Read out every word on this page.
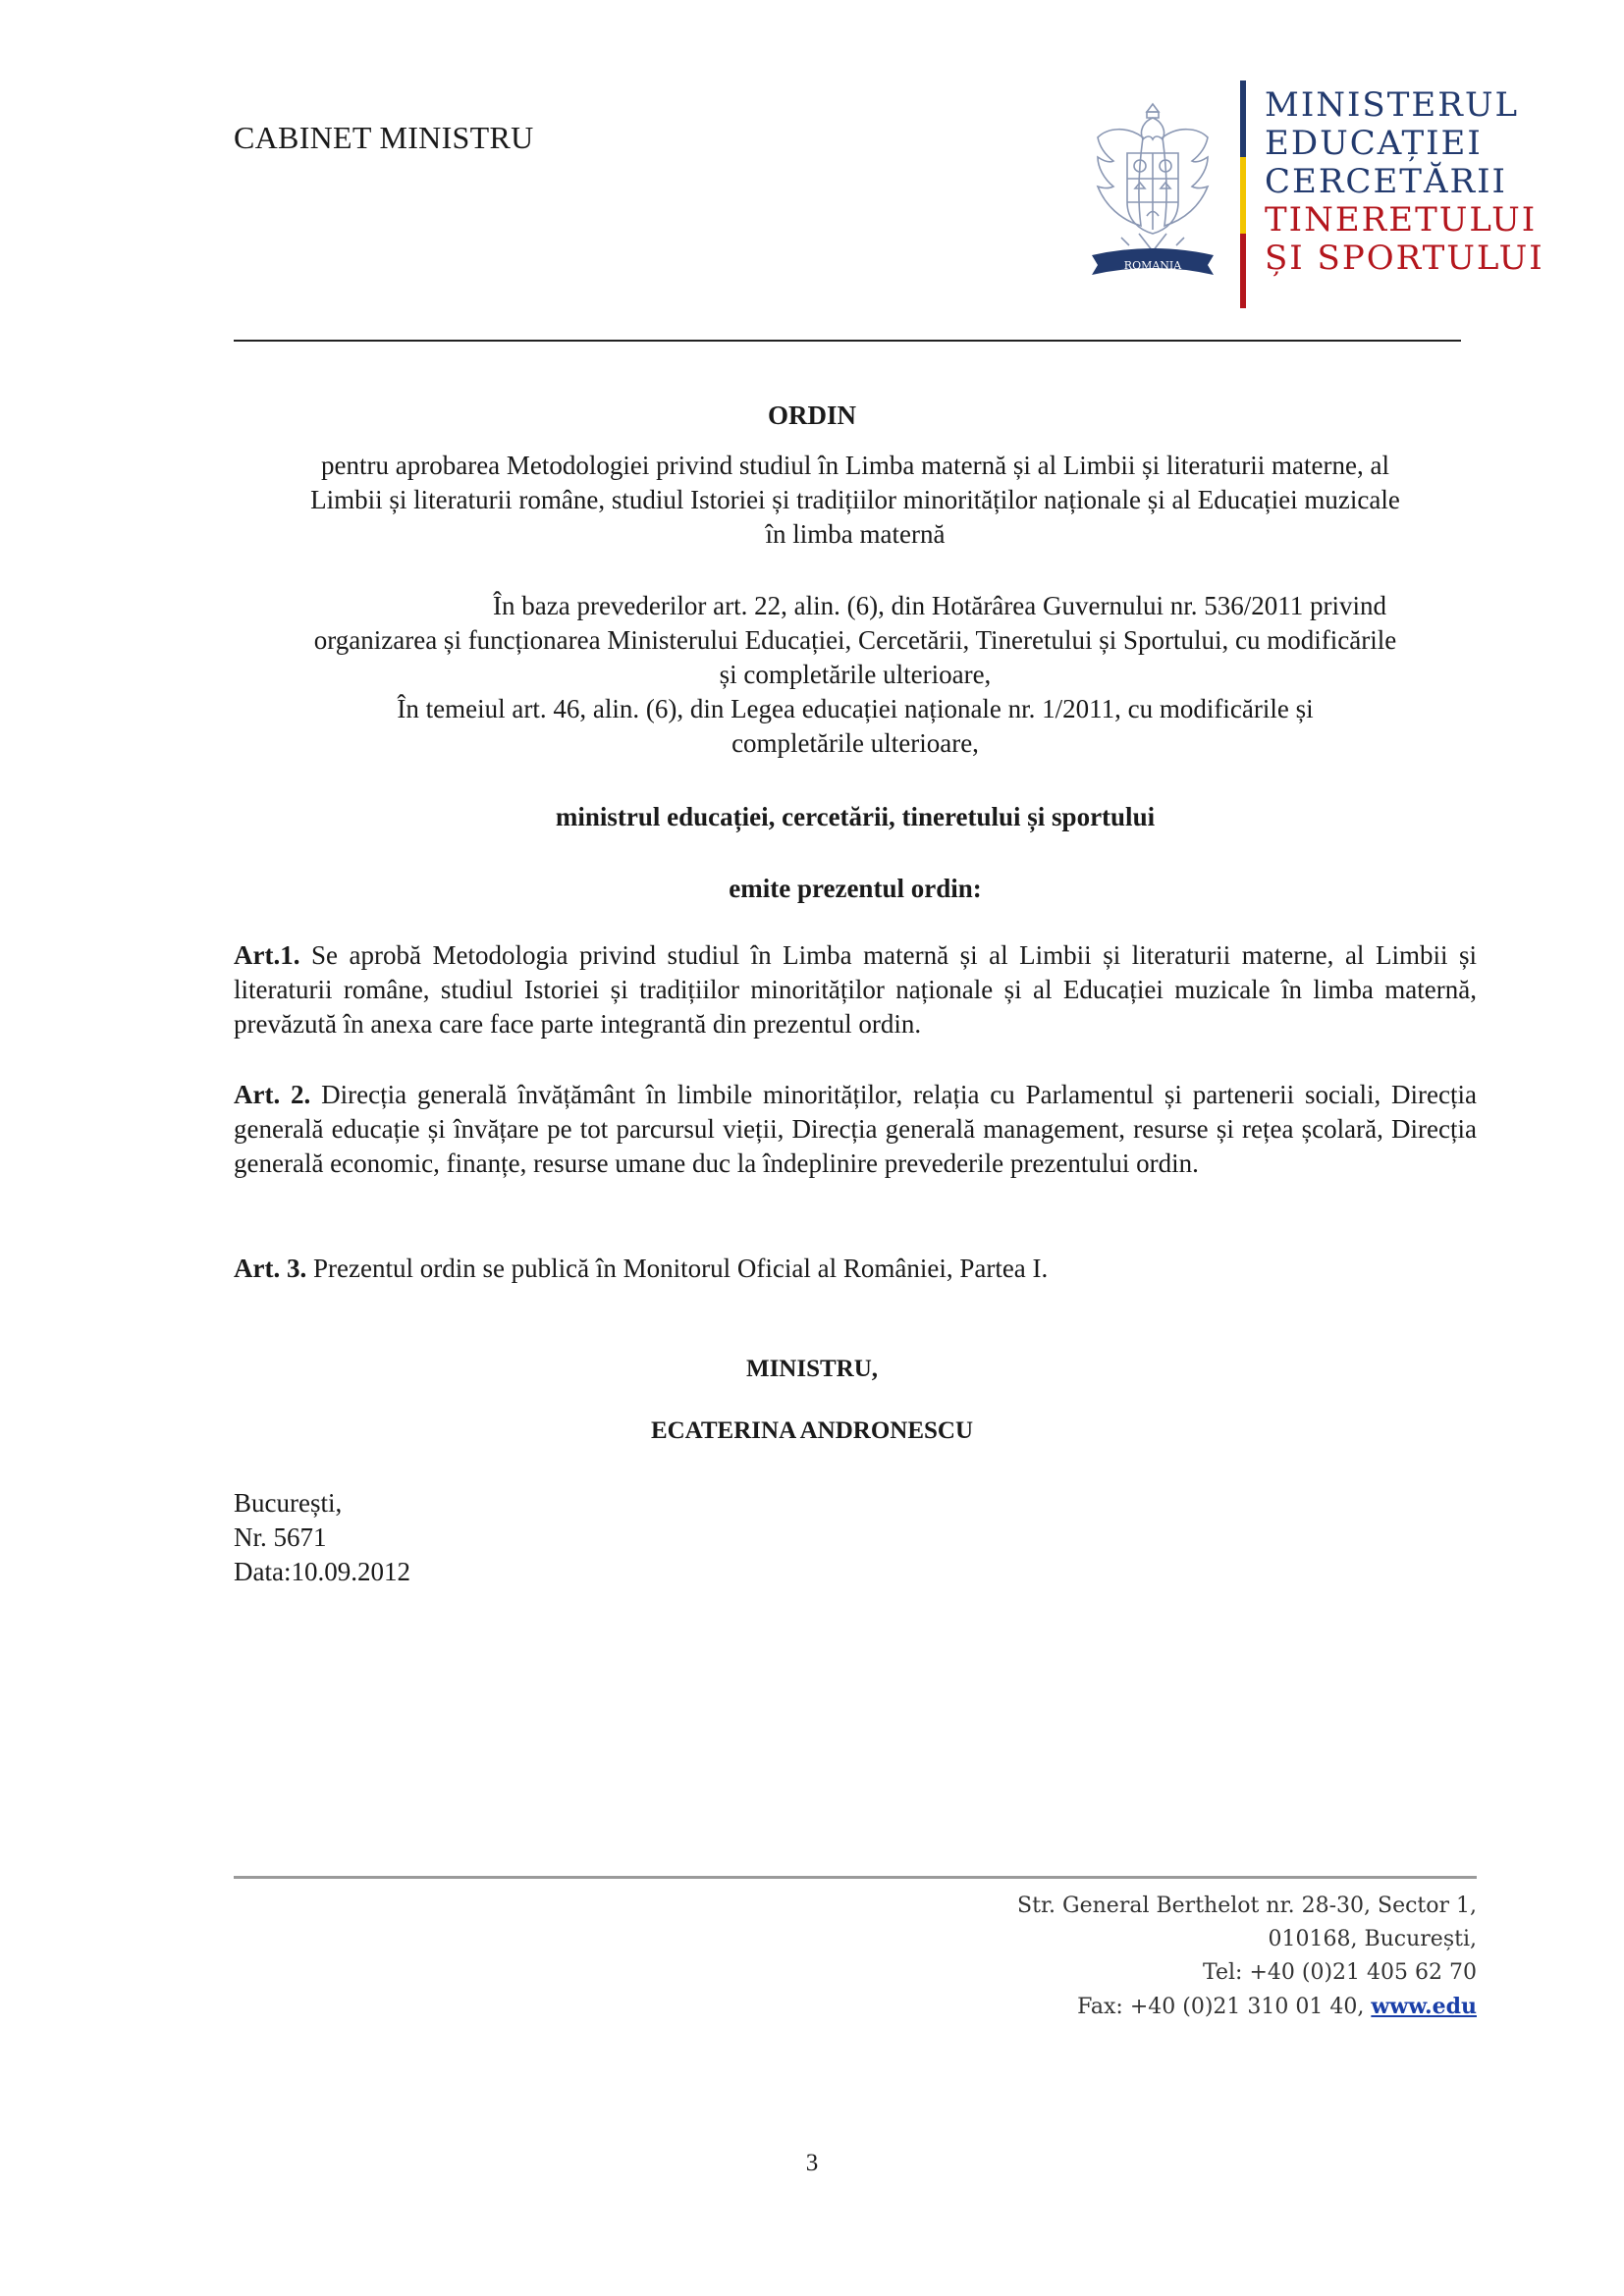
CABINET MINISTRU
ROMANIA
MINISTERUL
EDUCAȚIEI
CERCETĂRII
TINERETULUI
ȘI SPORTULUI
ORDIN
pentru aprobarea Metodologiei privind studiul în Limba maternă și al Limbii și literaturii materne, al
Limbii și literaturii române, studiul Istoriei și tradițiilor minorităților naționale și al Educației muzicale
în limba maternă
În baza prevederilor art. 22, alin. (6), din Hotărârea Guvernului nr. 536/2011 privind
organizarea și funcționarea Ministerului Educației, Cercetării, Tineretului și Sportului, cu modificările
și completările ulterioare,
În temeiul art. 46, alin. (6), din Legea educației naționale nr. 1/2011, cu modificările și
completările ulterioare,
ministrul educației, cercetării, tineretului și sportului
emite prezentul ordin:
Art.1. Se aprobă Metodologia privind studiul în Limba maternă și al Limbii și literaturii materne, al Limbii și literaturii române, studiul Istoriei și tradițiilor minorităților naționale și al Educației muzicale în limba maternă, prevăzută în anexa care face parte integrantă din prezentul ordin.
Art. 2. Direcția generală învățământ în limbile minorităților, relația cu Parlamentul și partenerii sociali, Direcția generală educație și învățare pe tot parcursul vieții, Direcția generală management, resurse și rețea școlară, Direcția generală economic, finanțe, resurse umane duc la îndeplinire prevederile prezentului ordin.
Art. 3. Prezentul ordin se publică în Monitorul Oficial al României, Partea I.
MINISTRU,
ECATERINA ANDRONESCU
București,
Nr. 5671
Data:10.09.2012
Str. General Berthelot nr. 28-30, Sector 1,
010168, București,
Tel: +40 (0)21 405 62 70
Fax: +40 (0)21 310 01 40, www.edu
3
